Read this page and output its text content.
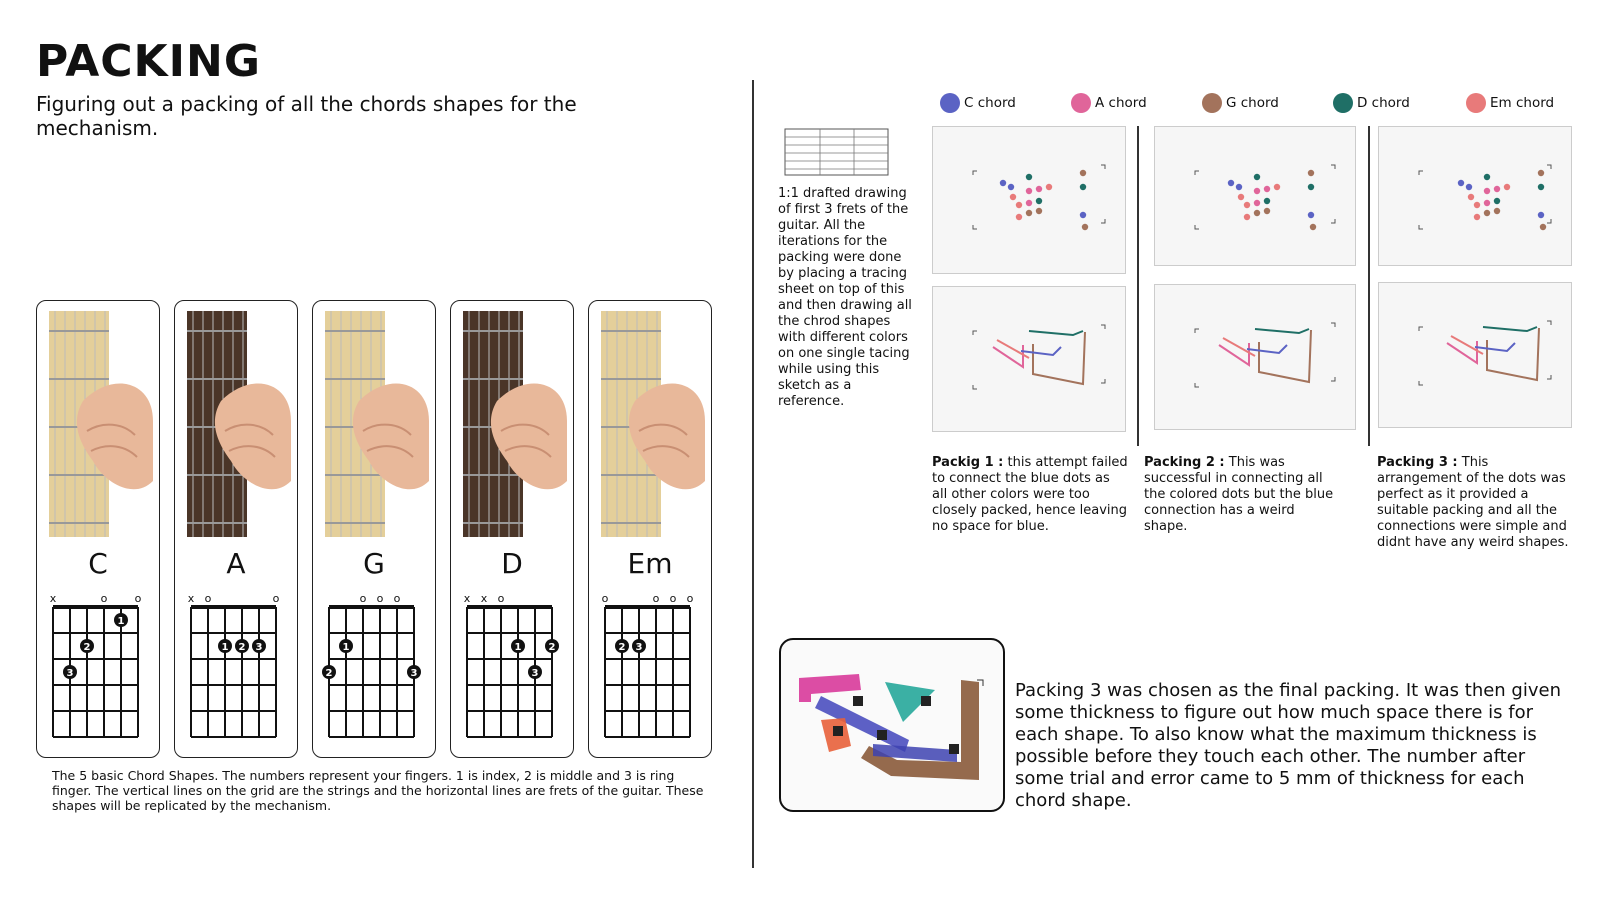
PACKING
Figuring out a packing of all the chords shapes for the mechanism.
C
x	o o
3
2
1
A
x o	o
1 2 3
G
o o o
2
1
3
D
x x o
1	2
3
Em
o	o o o
2 3
The 5 basic Chord Shapes. The numbers represent your fingers. 1 is index, 2 is middle and 3 is ring finger. The vertical lines on the grid are the strings and the horizontal lines are frets of the guitar. These shapes will be replicated by the mechanism.
C chord	A chord	G chord	D chord	Em chord
1:1 drafted drawing of first 3 frets of the guitar. All the iterations for the packing were done by placing a tracing sheet on top of this and then drawing all the chrod shapes with different colors on one single tacing while using this sketch as a reference.
Packig 1 : this attempt failed to connect the blue dots as all other colors were too closely packed, hence leaving no space for blue.
Packing 2 : This was successful in connecting all the colored dots but the blue connection has a weird shape.
Packing 3 : This arrangement of the dots was perfect as it provided a suitable packing and all the connections were simple and didnt have any weird shapes.
Packing 3 was chosen as the final packing. It was then given some thickness to figure out how much space there is for each shape. To also know what the maximum thickness is possible before they touch each other. The number after some trial and error came to 5 mm of thickness for each chord shape.
